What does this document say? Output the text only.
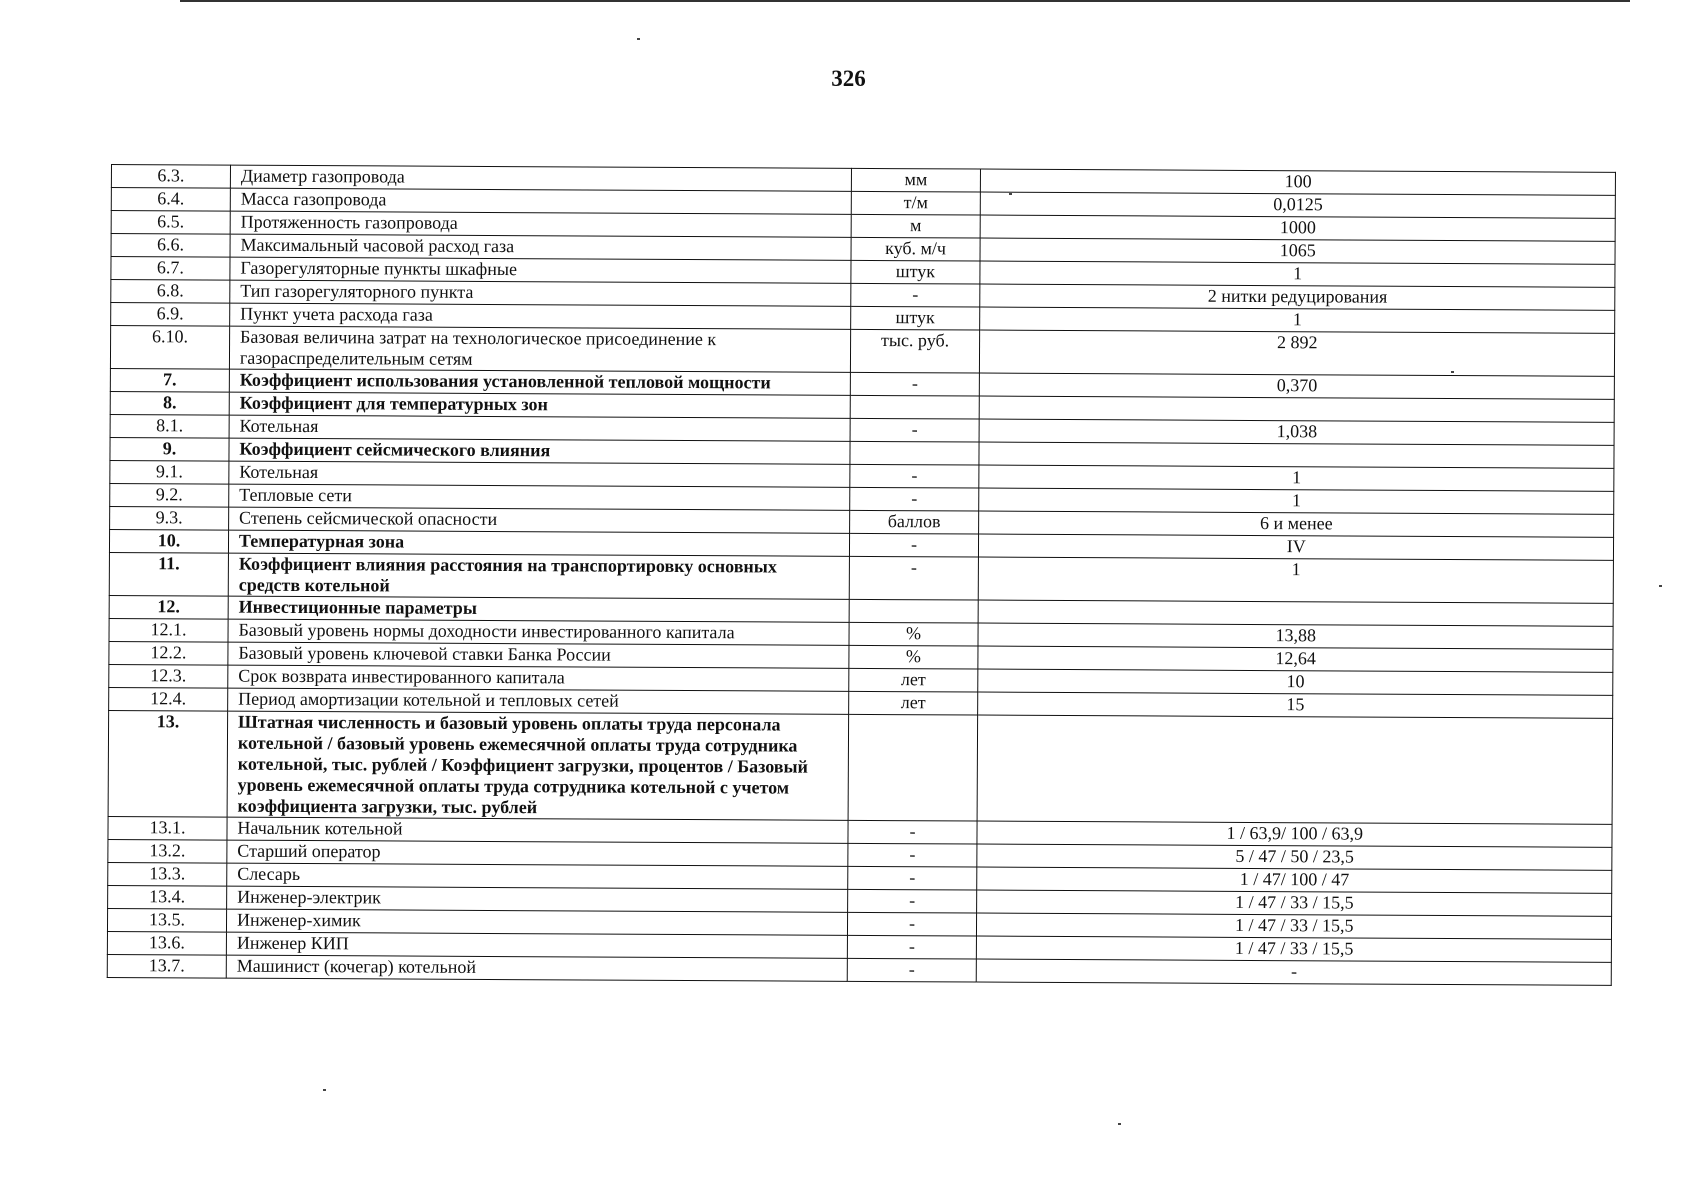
326
6.3.	Диаметр газопровода	мм	100
6.4.	Масса газопровода	т/м	0,0125
6.5.	Протяженность газопровода	м	1000
6.6.	Максимальный часовой расход газа	куб. м/ч	1065
6.7.	Газорегуляторные пункты шкафные	штук	1
6.8.	Тип газорегуляторного пункта	-	2 нитки редуцирования
6.9.	Пункт учета расхода газа	штук	1
6.10.	Базовая величина затрат на технологическое присоединение к газораспределительным сетям	тыс. руб.	2 892
7.	Коэффициент использования установленной тепловой мощности	-	0,370
8.	Коэффициент для температурных зон		
8.1.	Котельная	-	1,038
9.	Коэффициент сейсмического влияния		
9.1.	Котельная	-	1
9.2.	Тепловые сети	-	1
9.3.	Степень сейсмической опасности	баллов	6 и менее
10.	Температурная зона	-	IV
11.	Коэффициент влияния расстояния на транспортировку основных средств котельной	-	1
12.	Инвестиционные параметры		
12.1.	Базовый уровень нормы доходности инвестированного капитала	%	13,88
12.2.	Базовый уровень ключевой ставки Банка России	%	12,64
12.3.	Срок возврата инвестированного капитала	лет	10
12.4.	Период амортизации котельной и тепловых сетей	лет	15
13.	Штатная численность и базовый уровень оплаты труда персонала котельной / базовый уровень ежемесячной оплаты труда сотрудника котельной, тыс. рублей / Коэффициент загрузки, процентов / Базовый уровень ежемесячной оплаты труда сотрудника котельной с учетом коэффициента загрузки, тыс. рублей		
13.1.	Начальник котельной	-	1 / 63,9/ 100 / 63,9
13.2.	Старший оператор	-	5 / 47 / 50 / 23,5
13.3.	Слесарь	-	1 / 47/ 100 / 47
13.4.	Инженер-электрик	-	1 / 47 / 33 / 15,5
13.5.	Инженер-химик	-	1 / 47 / 33 / 15,5
13.6.	Инженер КИП	-	1 / 47 / 33 / 15,5
13.7.	Машинист (кочегар) котельной	-	-
